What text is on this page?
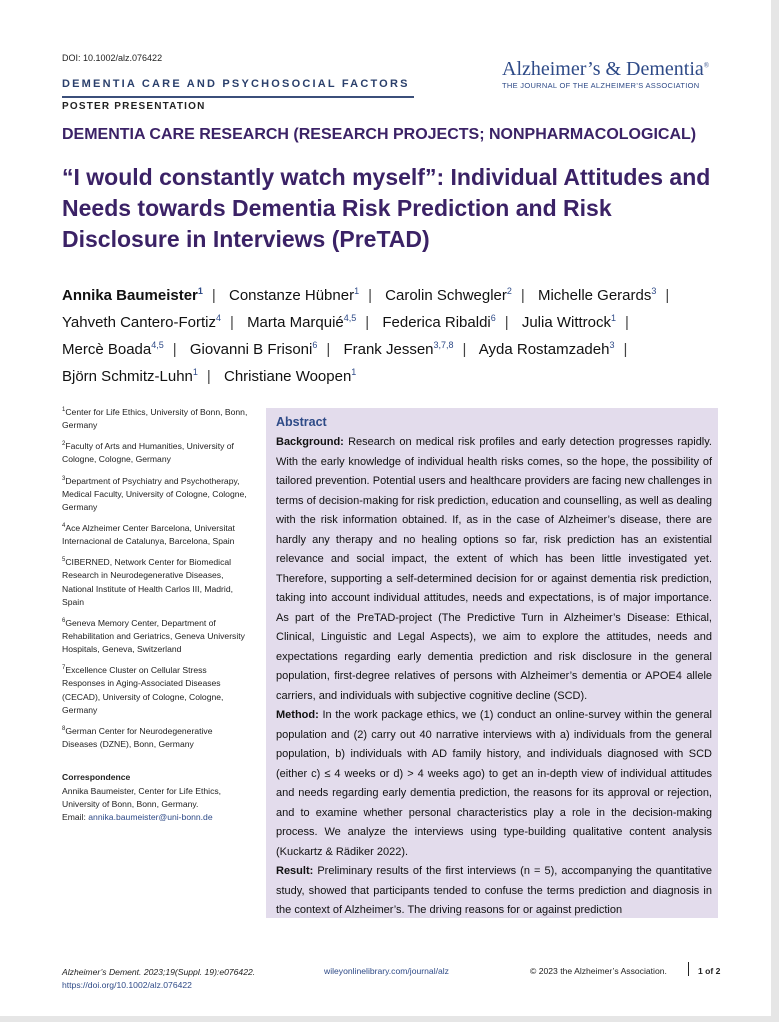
DOI: 10.1002/alz.076422
DEMENTIA CARE AND PSYCHOSOCIAL FACTORS
POSTER PRESENTATION
Alzheimer’s & Dementia®
THE JOURNAL OF THE ALZHEIMER’S ASSOCIATION
DEMENTIA CARE RESEARCH (RESEARCH PROJECTS; NONPHARMACOLOGICAL)
“I would constantly watch myself”: Individual Attitudes and Needs towards Dementia Risk Prediction and Risk Disclosure in Interviews (PreTAD)
Annika Baumeister$^1$ | Constanze Hübner$^1$ | Carolin Schwegler$^2$ | Michelle Gerards$^3$ | Yahveth Cantero-Fortiz$^4$ | Marta Marquié$^{4,5}$ | Federica Ribaldi$^6$ | Julia Wittrock$^1$ | Mercè Boada$^{4,5}$ | Giovanni B Frisoni$^6$ | Frank Jessen$^{3,7,8}$ | Ayda Rostamzadeh$^3$ | Björn Schmitz-Luhn$^1$ | Christiane Woopen$^1$
$^1$Center for Life Ethics, University of Bonn, Bonn, Germany
$^2$Faculty of Arts and Humanities, University of Cologne, Cologne, Germany
$^3$Department of Psychiatry and Psychotherapy, Medical Faculty, University of Cologne, Cologne, Germany
$^4$Ace Alzheimer Center Barcelona, Universitat Internacional de Catalunya, Barcelona, Spain
$^5$CIBERNED, Network Center for Biomedical Research in Neurodegenerative Diseases, National Institute of Health Carlos III, Madrid, Spain
$^6$Geneva Memory Center, Department of Rehabilitation and Geriatrics, Geneva University Hospitals, Geneva, Switzerland
$^7$Excellence Cluster on Cellular Stress Responses in Aging-Associated Diseases (CECAD), University of Cologne, Cologne, Germany
$^8$German Center for Neurodegenerative Diseases (DZNE), Bonn, Germany
Correspondence
Annika Baumeister, Center for Life Ethics, University of Bonn, Bonn, Germany.
Email: annika.baumeister@uni-bonn.de
Abstract

Background: Research on medical risk profiles and early detection progresses rapidly. With the early knowledge of individual health risks comes, so the hope, the possibility of tailored prevention. Potential users and healthcare providers are facing new challenges in terms of decision-making for risk prediction, education and counselling, as well as dealing with the risk information obtained. If, as in the case of Alzheimer’s disease, there are hardly any therapy and no healing options so far, risk prediction has an existential relevance and social impact, the extent of which has been little investigated yet. Therefore, supporting a self-determined decision for or against dementia risk prediction, taking into account individual attitudes, needs and expectations, is of major importance. As part of the PreTAD-project (The Predictive Turn in Alzheimer’s Disease: Ethical, Clinical, Linguistic and Legal Aspects), we aim to explore the attitudes, needs and expectations regarding early dementia prediction and risk disclosure in the general population, first-degree relatives of persons with Alzheimer’s dementia or APOE4 allele carriers, and individuals with subjective cognitive decline (SCD).

Method: In the work package ethics, we (1) conduct an online-survey within the general population and (2) carry out 40 narrative interviews with a) individuals from the general population, b) individuals with AD family history, and individuals diagnosed with SCD (either c) ≤ 4 weeks or d) > 4 weeks ago) to get an in-depth view of individual attitudes and needs regarding early dementia prediction, the reasons for its approval or rejection, and to examine whether personal characteristics play a role in the decision-making process. We analyze the interviews using type-building qualitative content analysis (Kuckartz & Rädiker 2022).

Result: Preliminary results of the first interviews (n = 5), accompanying the quantitative study, showed that participants tended to confuse the terms prediction and diagnosis in the context of Alzheimer’s. The driving reasons for or against prediction

Alzheimer’s Dement. 2023;19(Suppl. 19):e076422.
https://doi.org/10.1002/alz.076422
wileyonlinelibrary.com/journal/alz	© 2023 the Alzheimer’s Association.	1 of 2
